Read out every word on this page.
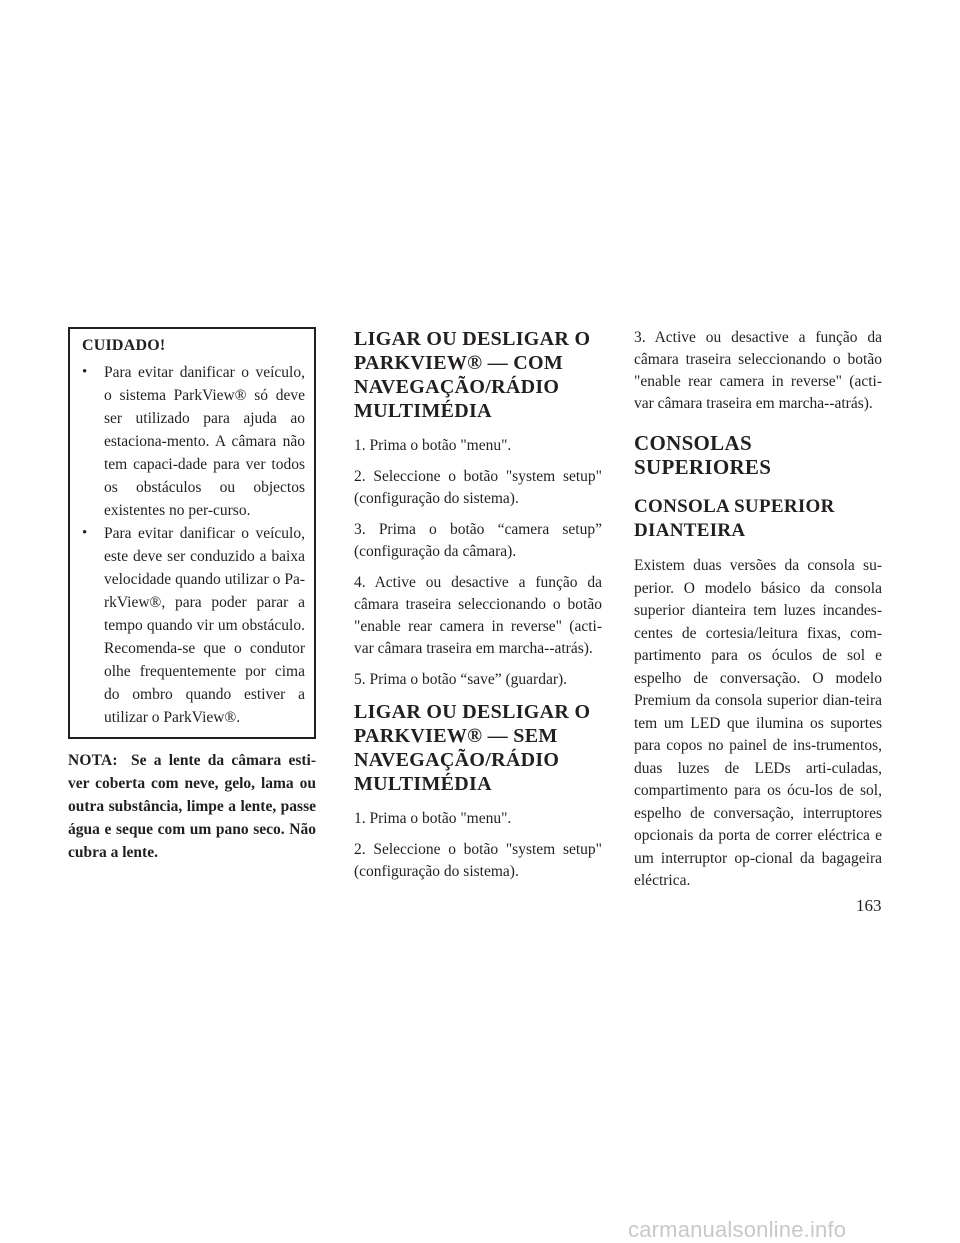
CUIDADO!
• Para evitar danificar o veículo, o sistema ParkView® só deve ser utilizado para ajuda ao estaciona-mento. A câmara não tem capaci-dade para ver todos os obstáculos ou objectos existentes no per-curso.
• Para evitar danificar o veículo, este deve ser conduzido a baixa velocidade quando utilizar o Pa-rkView®, para poder parar a tempo quando vir um obstáculo. Recomenda-se que o condutor olhe frequentemente por cima do ombro quando estiver a utilizar o ParkView®.
NOTA: Se a lente da câmara esti-ver coberta com neve, gelo, lama ou outra substância, limpe a lente, passe água e seque com um pano seco. Não cubra a lente.
LIGAR OU DESLIGAR O PARKVIEW® — COM NAVEGAÇÃO/RÁDIO MULTIMÉDIA

1. Prima o botão "menu".

2. Seleccione o botão "system setup" (configuração do sistema).

3. Prima o botão “camera setup” (configuração da câmara).

4. Active ou desactive a função da câmara traseira seleccionando o botão "enable rear camera in reverse" (acti-var câmara traseira em marcha--atrás).

5. Prima o botão “save” (guardar).

LIGAR OU DESLIGAR O PARKVIEW® — SEM NAVEGAÇÃO/RÁDIO MULTIMÉDIA

1. Prima o botão "menu".

2. Seleccione o botão "system setup" (configuração do sistema).

3. Active ou desactive a função da câmara traseira seleccionando o botão "enable rear camera in reverse" (acti-var câmara traseira em marcha--atrás).

CONSOLAS SUPERIORES
CONSOLA SUPERIOR DIANTEIRA

Existem duas versões da consola su-perior. O modelo básico da consola superior dianteira tem luzes incandes-centes de cortesia/leitura fixas, com-partimento para os óculos de sol e espelho de conversação. O modelo Premium da consola superior dian-teira tem um LED que ilumina os suportes para copos no painel de ins-trumentos, duas luzes de LEDs arti-culadas, compartimento para os ócu-los de sol, espelho de conversação, interruptores opcionais da porta de correr eléctrica e um interruptor op-cional da bagageira eléctrica.

163
carmanualsonline.info
